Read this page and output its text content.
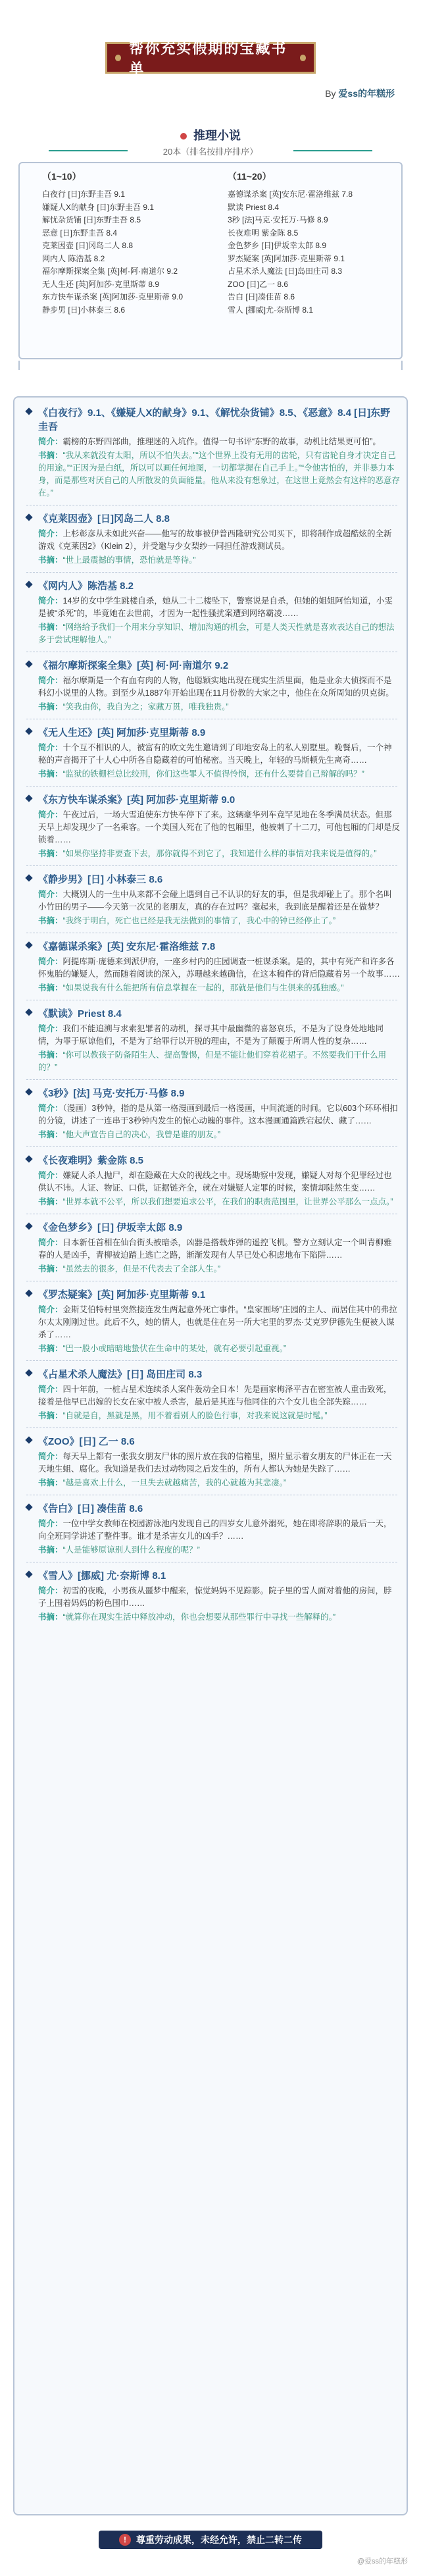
帮你充实假期的宝藏书单
By 爱ss的年糕形
推理小说
20本（排名按排序排序）
（1~10）	（11~20）
白夜行 [日]东野圭吾 9.1
嫌疑人X的献身 [日]东野圭吾 9.1
解忧杂货铺 [日]东野圭吾 8.5
恶意 [日]东野圭吾 8.4
克莱因壶 [日]冈岛二人 8.8
网内人 陈浩基 8.2
福尔摩斯探案全集 [英]柯·阿·南道尔 9.2
无人生还 [英]阿加莎·克里斯蒂 8.9
东方快车谋杀案 [英]阿加莎·克里斯蒂 9.0
静步男 [日]小林泰三 8.6
嘉德谋杀案 [英]安东尼·霍洛维兹 7.8
默读 Priest 8.4
3秒 [法]马克·安托万·马修 8.9
长夜难明 紫金陈 8.5
金色梦乡 [日]伊坂幸太郎 8.9
罗杰疑案 [英]阿加莎·克里斯蒂 9.1
占星术杀人魔法 [日]岛田庄司 8.3
ZOO [日]乙一 8.6
告白 [日]凑佳苗 8.6
雪人 [挪威]尤·奈斯博 8.1
《白夜行》9.1、《嫌疑人X的献身》9.1、《解忧杂货铺》8.5、《恶意》8.4 [日]东野圭吾
简介：霸榜的东野四部曲，推理迷的入坑作。值得一句书评“东野的故事，动机比结果更可怕”。
书摘：“我从来就没有太阳，所以不怕失去。”“这个世界上没有无用的齿轮，只有齿轮自身才决定自己的用途。”“正因为是白纸，所以可以画任何地图，一切都掌握在自己手上。”“令他害怕的，并非暴力本身，而是那些对厌自己的人所散发的负面能量。他从来没有想象过，在这世上竟然会有这样的恶意存在。”
《克莱因壶》[日]冈岛二人 8.8
简介：上杉彰彦从未如此兴奋——他写的故事被伊普西隆研究公司买下，即将制作成超酷炫的全新游戏《克莱因2》（Klein 2），并受邀与少女梨纱一同担任游戏测试员。
书摘：“世上最震撼的事情，恐怕就是等待。”
《网内人》陈浩基 8.2
简介：14岁的女中学生跳楼自杀，她从二十二楼坠下，警察说是自杀，但她的姐姐阿怡知道，小雯是被“杀死”的，毕竟她在去世前，才因为一起性骚扰案遭到网络霸凌……
书摘：“网络给予我们一个用来分享知识、增加沟通的机会，可是人类天性就是喜欢表达自己的想法多于尝试理解他人。”
《福尔摩斯探案全集》[英] 柯·阿·南道尔 9.2
简介：福尔摩斯是一个有血有肉的人物，他聪颖实地出现在现实生活里面，他是业余大侦探而不是科幻小说里的人物。到至少从1887年开始出现在11月份教的大家之中，他住在众所周知的贝克街。
书摘：“笑我由你，我自为之；家藏万贯，唯我独贵。”
《无人生还》[英] 阿加莎·克里斯蒂 8.9
简介：十个互不相识的人，被富有的欧文先生邀请到了印地安岛上的私人别墅里。晚餐后，一个神秘的声音揭开了十人心中所各自隐藏着的可怕秘密。当天晚上，年轻的马斯顿先生离奇……
书摘：“监狱的铁栅栏总比绞刑，你们这些罪人不值得怜悯，还有什么要替自己辩解的吗？”
《东方快车谋杀案》[英] 阿加莎·克里斯蒂 9.0
简介：午夜过后，一场大雪迫使东方快车停下了来。这辆豪华列车竟罕见地在冬季满员状态。但那天早上却发现少了一名乘客。一个美国人死在了他的包厢里，他被刺了十二刀，可他包厢的门却是反锁着……
书摘：“如果你坚持非要查下去，那你就得不到它了，我知道什么样的事情对我来说是值得的。”
《静步男》[日] 小林泰三 8.6
简介：大概别人的一生中从来都不会碰上遇到自己不认识的好友的事，但是我却碰上了。那个名叫小竹田的男子——今天第一次见的老朋友，真的存在过吗？毫起来，我到底是醒着还是在做梦？
书摘：“我终于明白，死亡也已经是我无法做到的事情了，我心中的钟已经停止了。”
《嘉德谋杀案》[英] 安东尼·霍洛维兹 7.8
简介：阿提库斯·庞德来到派伊府，一座乡村内的庄园调查一桩谋杀案。是的，其中有死产和许多各怀鬼胎的嫌疑人，然而随着阅读的深入，苏珊越来越确信，在这本稿件的背后隐藏着另一个故事……
书摘：“如果说我有什么能把所有信息掌握在一起的，那就是他们与生俱来的孤独感。”
《默读》Priest 8.4
简介：我们不能追溯与求索犯罪者的动机，探寻其中最幽微的喜怒哀乐，不是为了设身处地地同情，为罪于原谅他们，不是为了给罪行以开脱的理由，不是为了颠覆于所谓人性的复杂……
书摘：“你可以教孩子防备陌生人、提高警惕，但是不能让他们穿着花裙子。不然要我们干什么用的？”
《3秒》[法] 马克·安托万·马修 8.9
简介：（漫画）3秒钟，指的是从第一格漫画到最后一格漫画，中间流逝的时间。它以603个环环相扣的分镜，讲述了一连串于3秒钟内发生的惊心动魄的事件。这本漫画通篇跌宕起伏、藏了……
书摘：“他大声宣告自己的决心，我曾是谁的朋友。”
《长夜难明》紫金陈 8.5
简介：嫌疑人杀人抛尸，却在隐藏在大众的视线之中。现场勘察中发现，嫌疑人对每个犯罪经过也供认不讳。人证、物证、口供，证据链齐全，就在对嫌疑人定罪的时候，案情却陡然生变……
书摘：“世界本就不公平，所以我们想要追求公平，在我们的职责范围里，让世界公平那么一点点。”
《金色梦乡》[日] 伊坂幸太郎 8.9
简介：日本新任首相在仙台街头被暗杀，凶器是搭载炸弹的遥控飞机。警方立刻认定一个叫青柳雅春的人是凶手，青柳被迫踏上逃亡之路，渐渐发现有人早已处心积虑地布下陷阱……
书摘：“虽然去的很多，但是不代表去了全部人生。”
《罗杰疑案》[英] 阿加莎·克里斯蒂 9.1
简介：金斯艾伯特村里突然接连发生两起意外死亡事件。“皇家围场”庄园的主人、而居住其中的弗拉尔太太刚刚过世。此后不久，她的情人，也就是住在另一所大宅里的罗杰·艾克罗伊德先生便被人谋杀了……
书摘：“巴一股小或暗暗地蛰伏在生命中的某处，就有必要引起重视。”
《占星术杀人魔法》[日] 岛田庄司 8.3
简介：四十年前，一桩占星术连续杀人案件轰动全日本！先是画家梅泽平吉在密室被人重击致死，接着是他早已出嫁的长女在家中被人杀害，最后是其连与他同住的六个女儿也全部失踪……
书摘：“自就是自，黑就是黑，用不着看别人的脸色行事，对我来说这就是时髦。”
《ZOO》[日] 乙一 8.6
简介：每天早上都有一张我女朋友尸体的照片放在我的信箱里，照片显示着女朋友的尸体正在一天天地生蛆、腐化。我知道是我们去过动物园之后发生的，所有人都认为她是失踪了……
书摘：“越是喜欢上什么，一旦失去就越痛苦，我的心就越为其悲凄。”
《告白》[日] 凑佳苗 8.6
简介：一位中学女教师在校园游泳池内发现自己的四岁女儿意外溺死，她在即将辞职的最后一天，向全班同学讲述了整件事。谁才是杀害女儿的凶手？……
书摘：“人是能够原谅别人到什么程度的呢？”
《雪人》[挪威] 尤·奈斯博 8.1
简介：初雪的夜晚，小男孩从噩梦中醒来，惊觉妈妈不见踪影。院子里的雪人面对着他的房间，脖子上围着妈妈的粉色围巾……
书摘：“就算你在现实生活中释放冲动，你也会想要从那些罪行中寻找一些解释的。”
!	尊重劳动成果，未经允许，禁止二转二传
@爱ss的年糕形
